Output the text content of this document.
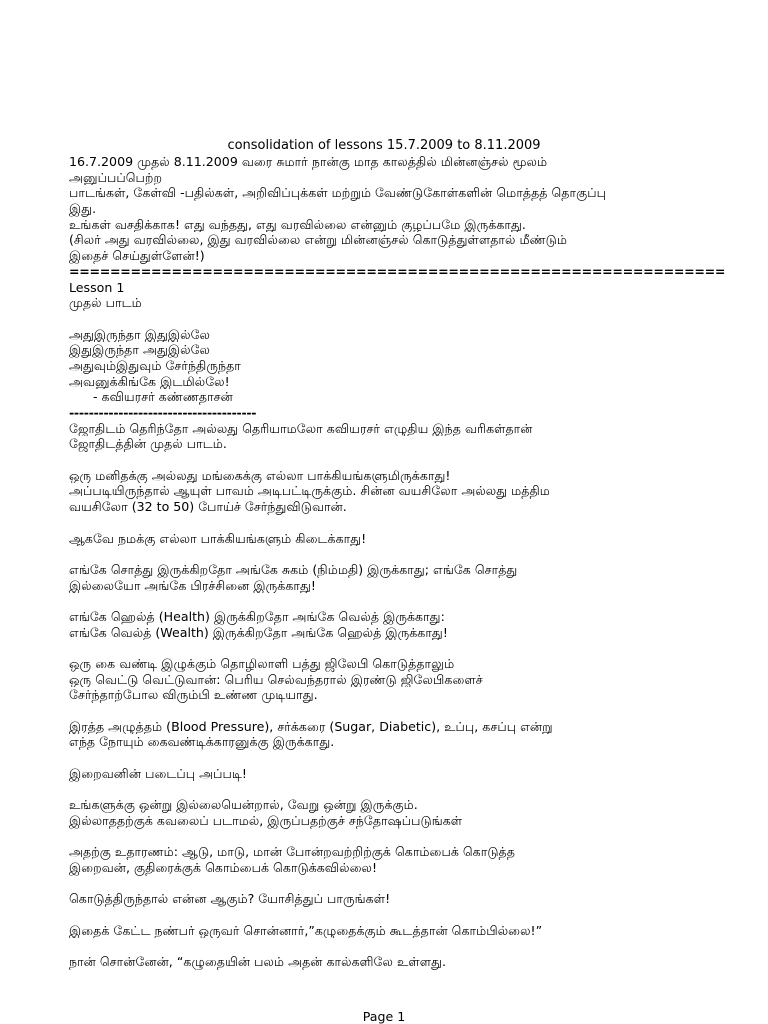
consolidation of lessons 15.7.2009 to 8.11.2009
16.7.2009 முதல் 8.11.2009 வரை சுமார் நான்கு மாத காலத்தில் மின்னஞ்சல் மூலம்
அனுப்பப்பெற்ற
பாடங்கள், கேள்வி -பதில்கள், அறிவிப்புக்கள் மற்றும் வேண்டுகோள்களின் மொத்தத் தொகுப்பு
இது.
உங்கள் வசதிக்காக! எது வந்தது, எது வரவில்லை என்னும் குழப்பமே இருக்காது.
(சிலர் அது வரவில்லை, இது வரவில்லை என்று மின்னஞ்சல் கொடுத்துள்ளதால் மீண்டும்
இதைச் செய்துள்ளேன்!)
================================================================
Lesson 1
முதல் பாடம்
அதுஇருந்தா இதுஇல்லே
இதுஇருந்தா அதுஇல்லே
அதுவும்இதுவும் சேர்ந்திருந்தா
அவனுக்கிங்கே இடமில்லே!
- கவியரசர் கண்ணதாசன்
--------------------------------------
ஜோதிடம் தெரிந்தோ அல்லது தெரியாமலோ கவியரசர் எழுதிய இந்த வரிகள்தான்
ஜோதிடத்தின் முதல் பாடம்.
ஒரு மனிதக்கு அல்லது மங்கைக்கு எல்லா பாக்கியங்களுமிருக்காது!
அப்படியிருந்தால் ஆயுள் பாவம் அடிபட்டிருக்கும். சின்ன வயசிலோ அல்லது மத்திம
வயசிலோ (32 to 50) போய்ச் சேர்ந்துவிடுவான்.
ஆகவே நமக்கு எல்லா பாக்கியங்களும் கிடைக்காது!
எங்கே சொத்து இருக்கிறதோ அங்கே சுகம் (நிம்மதி) இருக்காது; எங்கே சொத்து
இல்லையோ அங்கே பிரச்சினை இருக்காது!
எங்கே ஹெல்த் (Health) இருக்கிறதோ அங்கே வெல்த் இருக்காது:
எங்கே வெல்த் (Wealth) இருக்கிறதோ அங்கே ஹெல்த் இருக்காது!
ஒரு கை வண்டி இழுக்கும் தொழிலாளி பத்து ஜிலேபி கொடுத்தாலும்
ஒரு வெட்டு வெட்டுவான்: பெரிய செல்வந்தரால் இரண்டு ஜிலேபிகளைச்
சேர்ந்தாற்போல விரும்பி உண்ண முடியாது.
இரத்த அழுத்தம் (Blood Pressure), சர்க்கரை (Sugar, Diabetic), உப்பு, கசப்பு என்று
எந்த நோயும் கைவண்டிக்காரனுக்கு இருக்காது.
இறைவனின் படைப்பு அப்படி!
உங்களுக்கு ஒன்று இல்லையென்றால், வேறு ஒன்று இருக்கும்.
இல்லாததற்குக் கவலைப் படாமல், இருப்பதற்குச் சந்தோஷப்படுங்கள்
அதற்கு உதாரணம்: ஆடு, மாடு, மான் போன்றவற்றிற்குக் கொம்பைக் கொடுத்த
இறைவன், குதிரைக்குக் கொம்பைக் கொடுக்கவில்லை!
கொடுத்திருந்தால் என்ன ஆகும்? யோசித்துப் பாருங்கள்!
இதைக் கேட்ட நண்பர் ஒருவர் சொன்னார்,”கழுதைக்கும் கூடத்தான் கொம்பில்லை!”
நான் சொன்னேன், “கழுதையின் பலம் அதன் கால்களிலே உள்ளது.
Page 1
